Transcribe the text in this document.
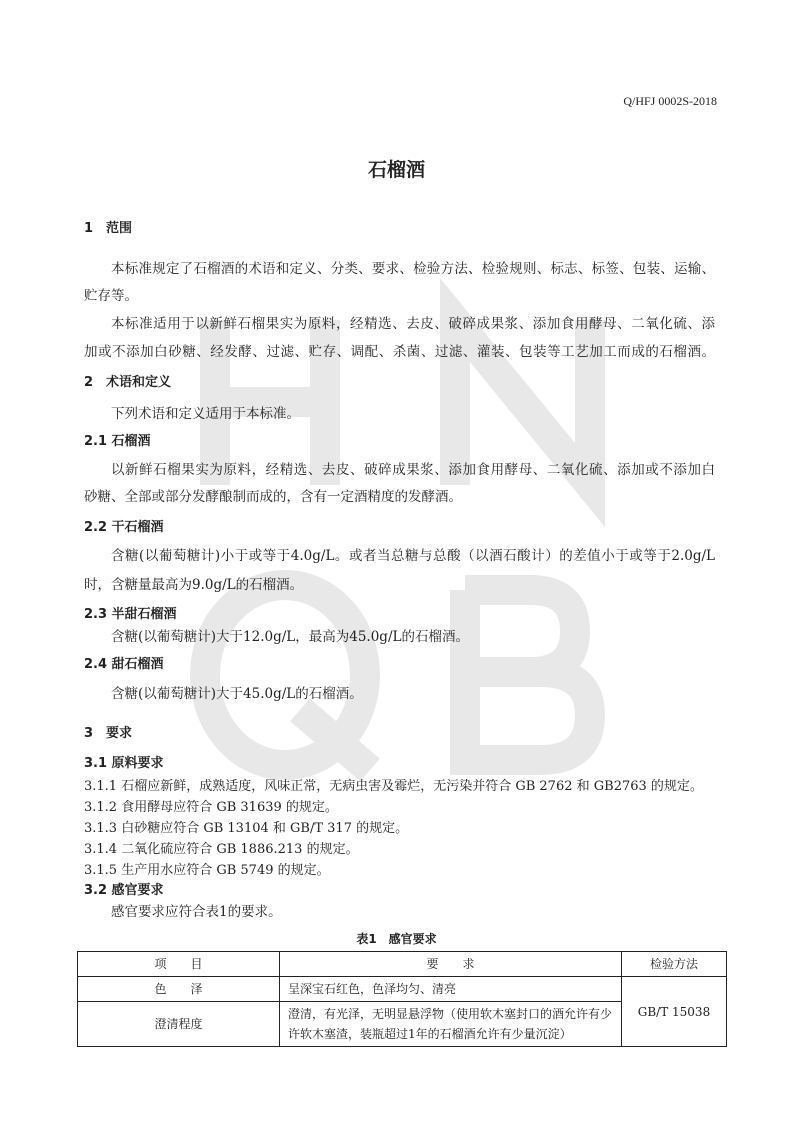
Q/HFJ 0002S-2018
石榴酒
1　范围
本标准规定了石榴酒的术语和定义、分类、要求、检验方法、检验规则、标志、标签、包装、运输、
贮存等。
本标准适用于以新鲜石榴果实为原料，经精选、去皮、破碎成果浆、添加食用酵母、二氧化硫、添
加或不添加白砂糖、经发酵、过滤、贮存、调配、杀菌、过滤、灌装、包装等工艺加工而成的石榴酒。
2　术语和定义
下列术语和定义适用于本标准。
2.1 石榴酒
以新鲜石榴果实为原料，经精选、去皮、破碎成果浆、添加食用酵母、二氧化硫、添加或不添加白
砂糖、全部或部分发酵酿制而成的，含有一定酒精度的发酵酒。
2.2 干石榴酒
含糖(以葡萄糖计)小于或等于4.0g/L。或者当总糖与总酸（以酒石酸计）的差值小于或等于2.0g/L
时，含糖量最高为9.0g/L的石榴酒。
2.3 半甜石榴酒
含糖(以葡萄糖计)大于12.0g/L，最高为45.0g/L的石榴酒。
2.4 甜石榴酒
含糖(以葡萄糖计)大于45.0g/L的石榴酒。
3　要求
3.1 原料要求
3.1.1 石榴应新鲜，成熟适度，风味正常，无病虫害及霉烂，无污染并符合 GB 2762 和 GB2763 的规定。
3.1.2 食用酵母应符合 GB 31639 的规定。
3.1.3 白砂糖应符合 GB 13104 和 GB/T 317 的规定。
3.1.4 二氧化硫应符合 GB 1886.213 的规定。
3.1.5 生产用水应符合 GB 5749 的规定。
3.2 感官要求
感官要求应符合表1的要求。
表1　感官要求
项　　目	要　　求	检验方法
色　　泽	呈深宝石红色，色泽均匀、清亮	GB/T 15038
澄清程度	澄清，有光泽，无明显悬浮物（使用软木塞封口的酒允许有少许软木塞渣，装瓶超过1年的石榴酒允许有少量沉淀）	
